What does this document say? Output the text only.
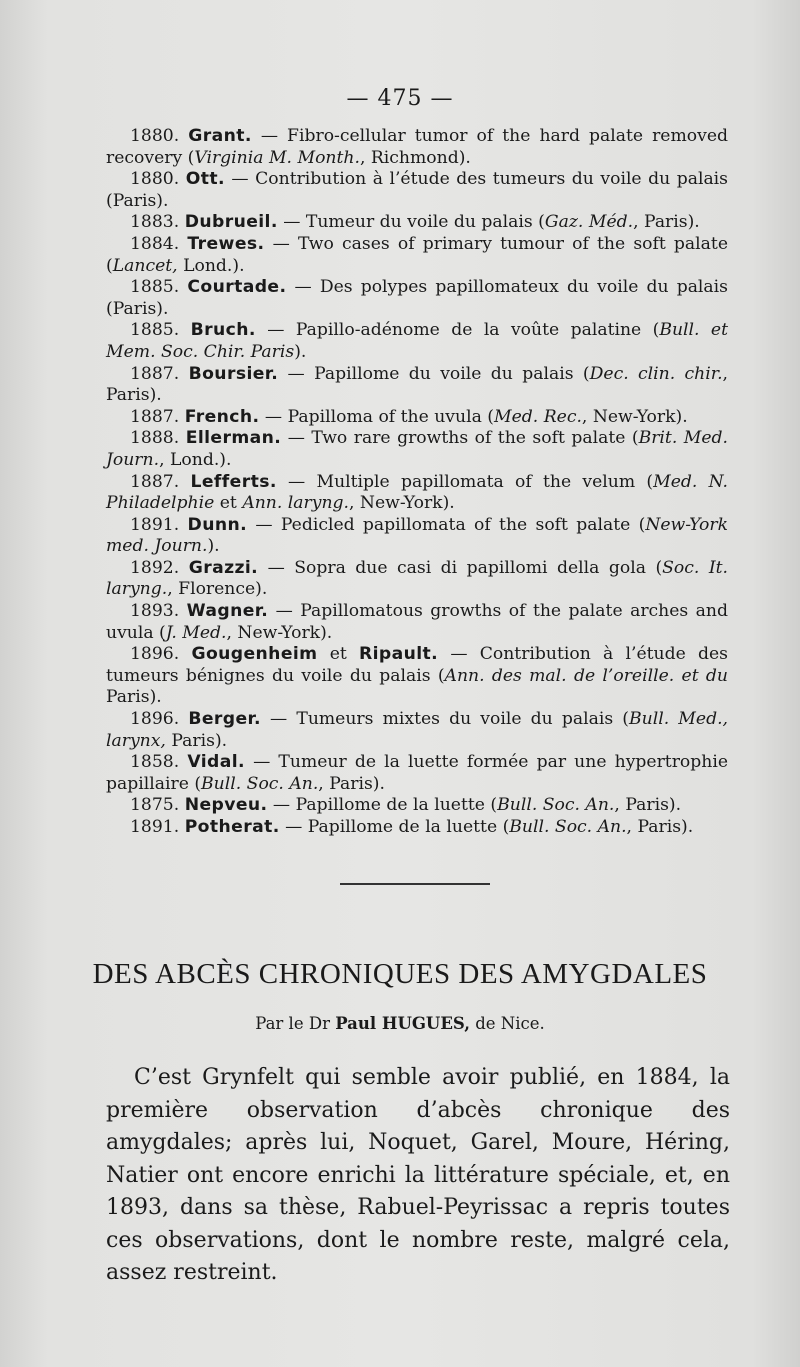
— 475 —

1880. Grant. — Fibro-cellular tumor of the hard palate removed recovery (Virginia M. Month., Richmond).

1880. Ott. — Contribution à l’étude des tumeurs du voile du palais (Paris).

1883. Dubrueil. — Tumeur du voile du palais (Gaz. Méd., Paris).

1884. Trewes. — Two cases of primary tumour of the soft palate (Lancet, Lond.).

1885. Courtade. — Des polypes papillomateux du voile du palais (Paris).

1885. Bruch. — Papillo-adénome de la voûte palatine (Bull. et Mem. Soc. Chir. Paris).

1887. Boursier. — Papillome du voile du palais (Dec. clin. chir., Paris).

1887. French. — Papilloma of the uvula (Med. Rec., New-York).

1888. Ellerman. — Two rare growths of the soft palate (Brit. Med. Journ., Lond.).

1887. Lefferts. — Multiple papillomata of the velum (Med. N. Philadelphie et Ann. laryng., New-York).

1891. Dunn. — Pedicled papillomata of the soft palate (New-York med. Journ.).

1892. Grazzi. — Sopra due casi di papillomi della gola (Soc. It. laryng., Florence).

1893. Wagner. — Papillomatous growths of the palate arches and uvula (J. Med., New-York).

1896. Gougenheim et Ripault. — Contribution à l’étude des tumeurs bénignes du voile du palais (Ann. des mal. de l’oreille. et du Paris).

1896. Berger. — Tumeurs mixtes du voile du palais (Bull. Med., larynx, Paris).

1858. Vidal. — Tumeur de la luette formée par une hypertrophie papillaire (Bull. Soc. An., Paris).

1875. Nepveu. — Papillome de la luette (Bull. Soc. An., Paris).

1891. Potherat. — Papillome de la luette (Bull. Soc. An., Paris).

DES ABCÈS CHRONIQUES DES AMYGDALES
Par le Dr Paul HUGUES, de Nice.

C’est Grynfelt qui semble avoir publié, en 1884, la première observation d’abcès chronique des amygdales; après lui, Noquet, Garel, Moure, Héring, Natier ont encore enrichi la littérature spéciale, et, en 1893, dans sa thèse, Rabuel-Peyrissac a repris toutes ces observations, dont le nombre reste, malgré cela, assez restreint.
